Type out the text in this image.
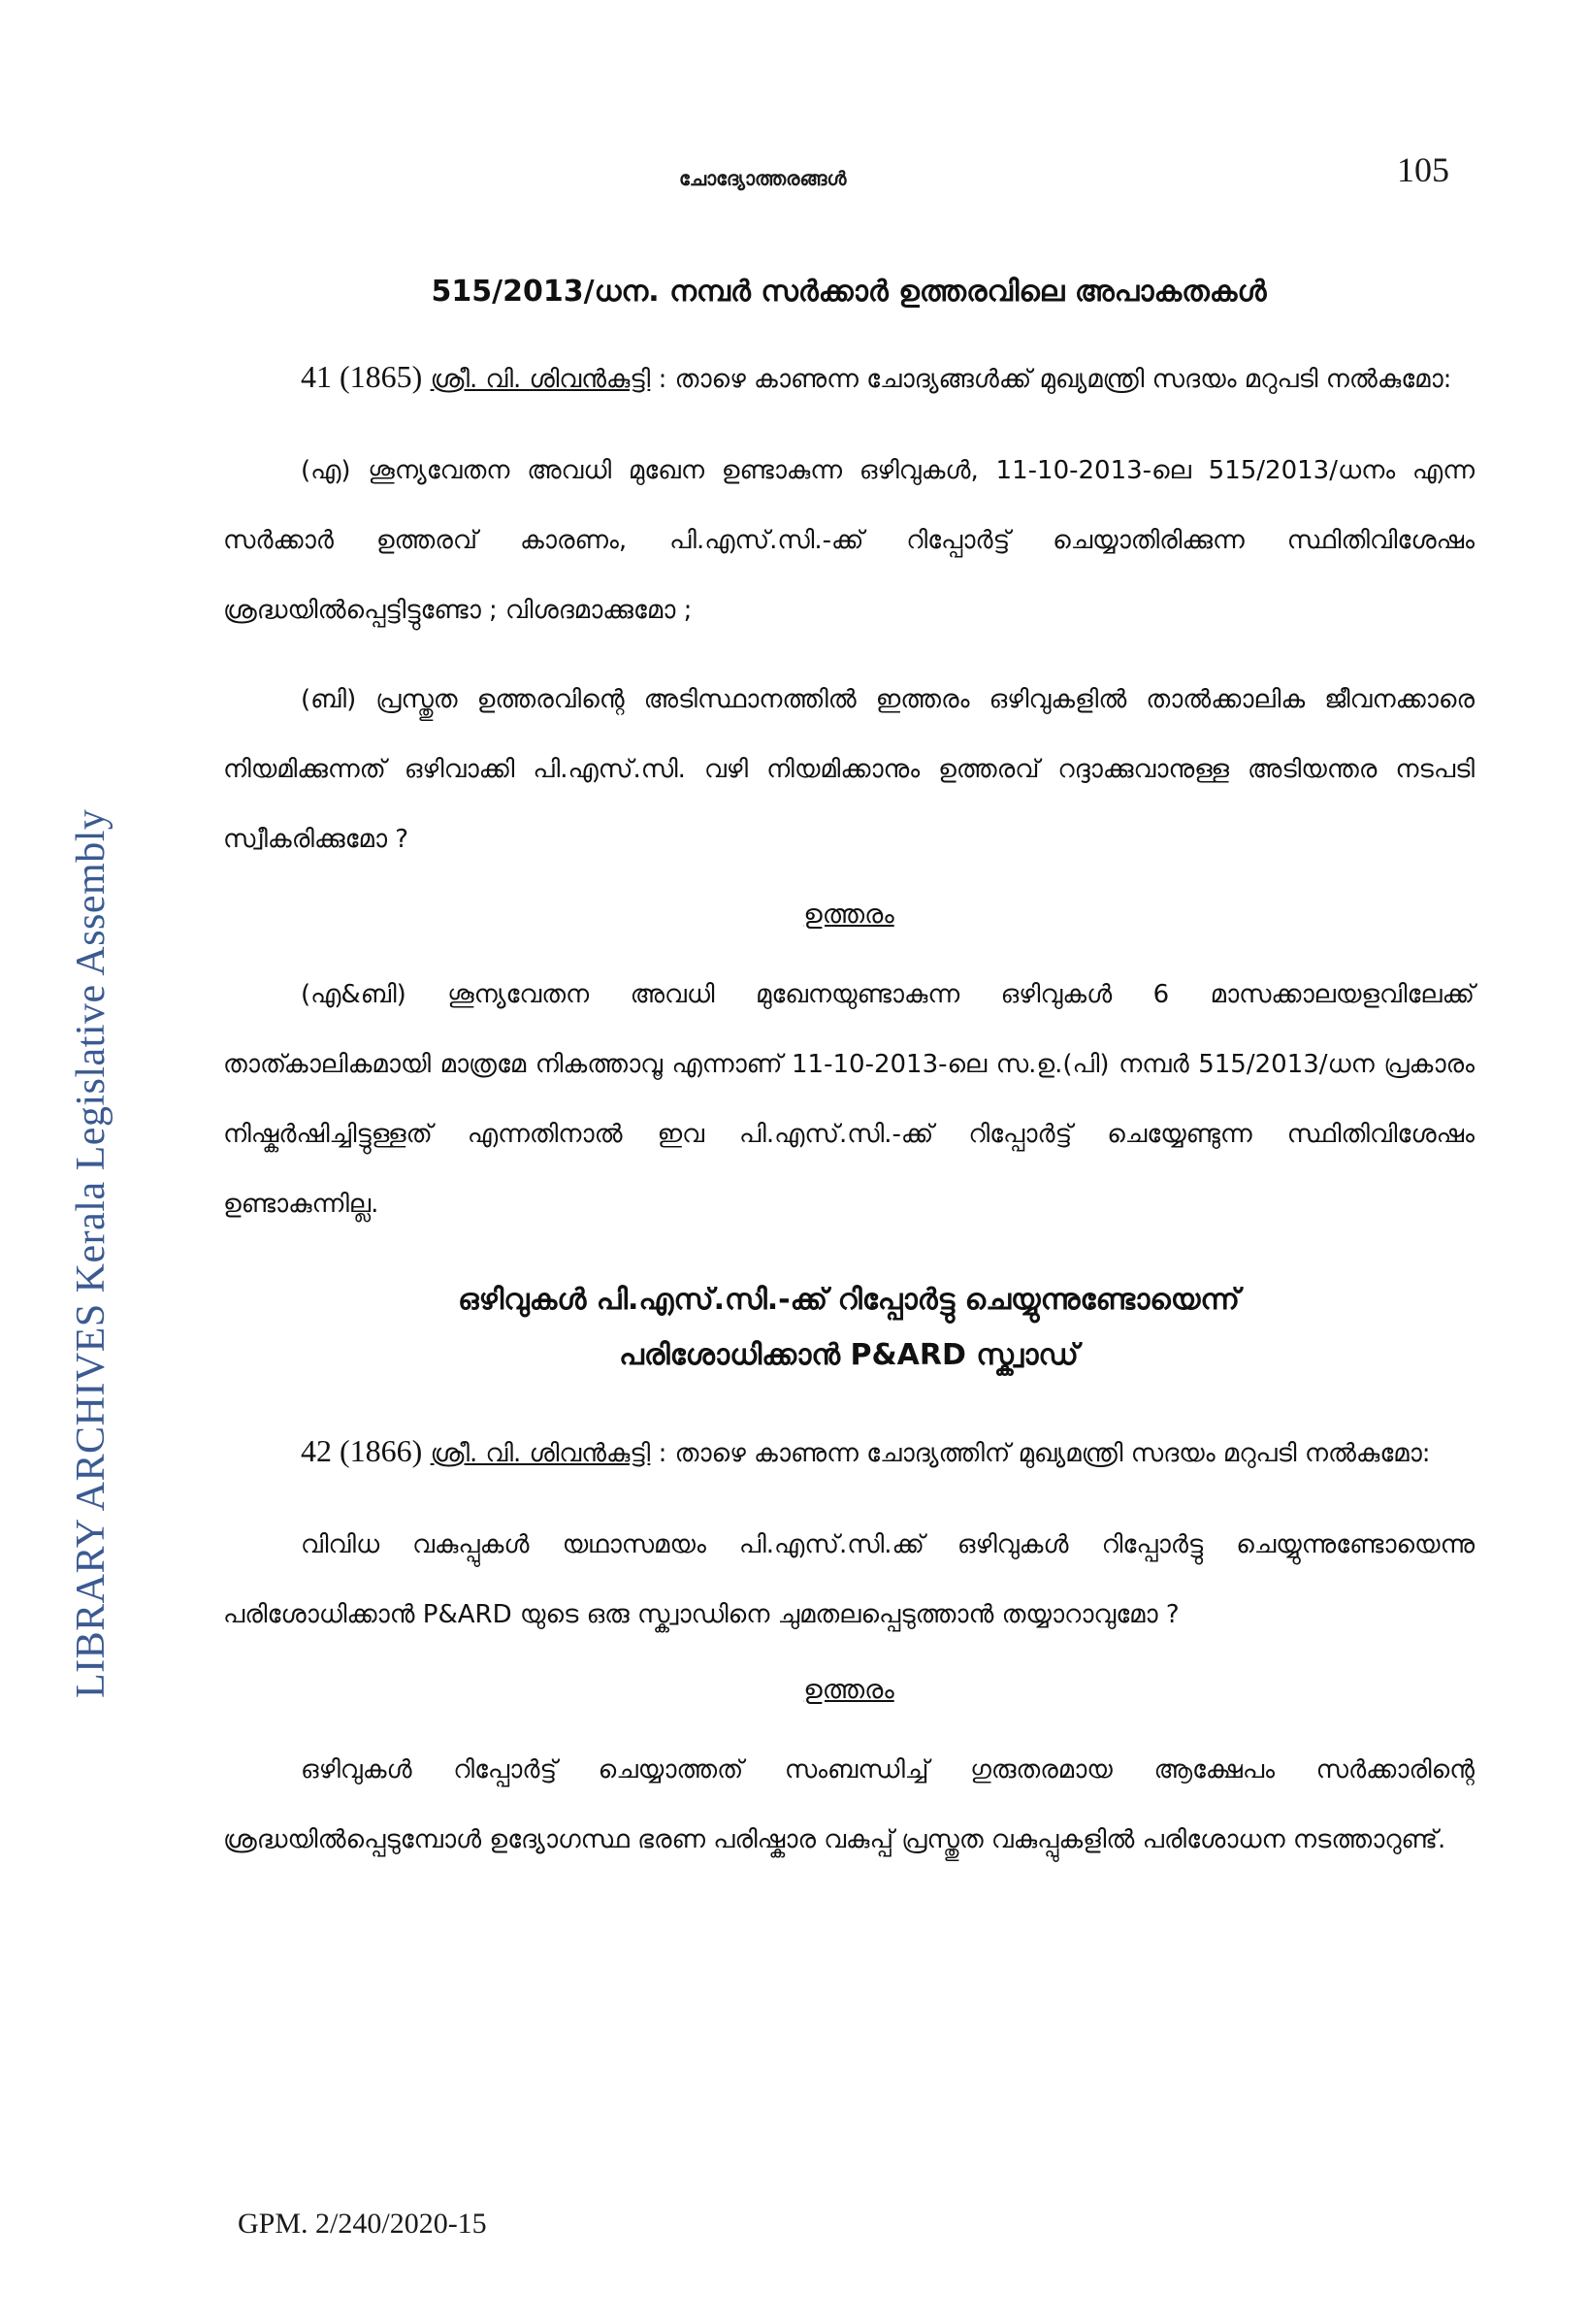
LIBRARY ARCHIVES Kerala Legislative Assembly
ചോദ്യോത്തരങ്ങൾ	105
515/2013/ധന. നമ്പർ സർക്കാർ ഉത്തരവിലെ അപാകതകൾ

41 (1865) ശ്രീ. വി. ശിവൻകുട്ടി : താഴെ കാണുന്ന ചോദ്യങ്ങൾക്ക് മുഖ്യമന്ത്രി സദയം മറുപടി നൽകുമോ:

(എ) ശൂന്യവേതന അവധി മുഖേന ഉണ്ടാകുന്ന ഒഴിവുകൾ, 11-10-2013-ലെ 515/2013/ധനം എന്ന സർക്കാർ ഉത്തരവ് കാരണം, പി.എസ്.സി.-ക്ക് റിപ്പോർട്ട് ചെയ്യാതിരിക്കുന്ന സ്ഥിതിവിശേഷം ശ്രദ്ധയിൽപ്പെട്ടിട്ടുണ്ടോ ; വിശദമാക്കുമോ ;

(ബി) പ്രസ്തുത ഉത്തരവിന്റെ അടിസ്ഥാനത്തിൽ ഇത്തരം ഒഴിവുകളിൽ താൽക്കാലിക ജീവനക്കാരെ നിയമിക്കുന്നത് ഒഴിവാക്കി പി.എസ്.സി. വഴി നിയമിക്കാനും ഉത്തരവ് റദ്ദാക്കുവാനുള്ള അടിയന്തര നടപടി സ്വീകരിക്കുമോ ?

ഉത്തരം

(എ&ബി) ശൂന്യവേതന അവധി മുഖേനയുണ്ടാകുന്ന ഒഴിവുകൾ 6 മാസക്കാലയളവിലേക്ക് താത്കാലികമായി മാത്രമേ നികത്താവൂ എന്നാണ് 11-10-2013-ലെ സ.ഉ.(പി) നമ്പർ 515/2013/ധന പ്രകാരം നിഷ്കർഷിച്ചിട്ടുള്ളത് എന്നതിനാൽ ഇവ പി.എസ്.സി.-ക്ക് റിപ്പോർട്ട് ചെയ്യേണ്ടുന്ന സ്ഥിതിവിശേഷം ഉണ്ടാകുന്നില്ല.

ഒഴിവുകൾ പി.എസ്.സി.-ക്ക് റിപ്പോർട്ടു ചെയ്യുന്നുണ്ടോയെന്ന്
പരിശോധിക്കാൻ P&ARD സ്ക്വാഡ്

42 (1866) ശ്രീ. വി. ശിവൻകുട്ടി : താഴെ കാണുന്ന ചോദ്യത്തിന് മുഖ്യമന്ത്രി സദയം മറുപടി നൽകുമോ:

വിവിധ വകുപ്പുകൾ യഥാസമയം പി.എസ്.സി.ക്ക് ഒഴിവുകൾ റിപ്പോർട്ടു ചെയ്യുന്നുണ്ടോയെന്നു പരിശോധിക്കാൻ P&ARD യുടെ ഒരു സ്ക്വാഡിനെ ചുമതലപ്പെടുത്താൻ തയ്യാറാവുമോ ?

ഉത്തരം

ഒഴിവുകൾ റിപ്പോർട്ട് ചെയ്യാത്തത് സംബന്ധിച്ച് ഗുരുതരമായ ആക്ഷേപം സർക്കാരിന്റെ ശ്രദ്ധയിൽപ്പെടുമ്പോൾ ഉദ്യോഗസ്ഥ ഭരണ പരിഷ്കാര വകുപ്പ് പ്രസ്തുത വകുപ്പുകളിൽ പരിശോധന നടത്താറുണ്ട്.

GPM. 2/240/2020-15
